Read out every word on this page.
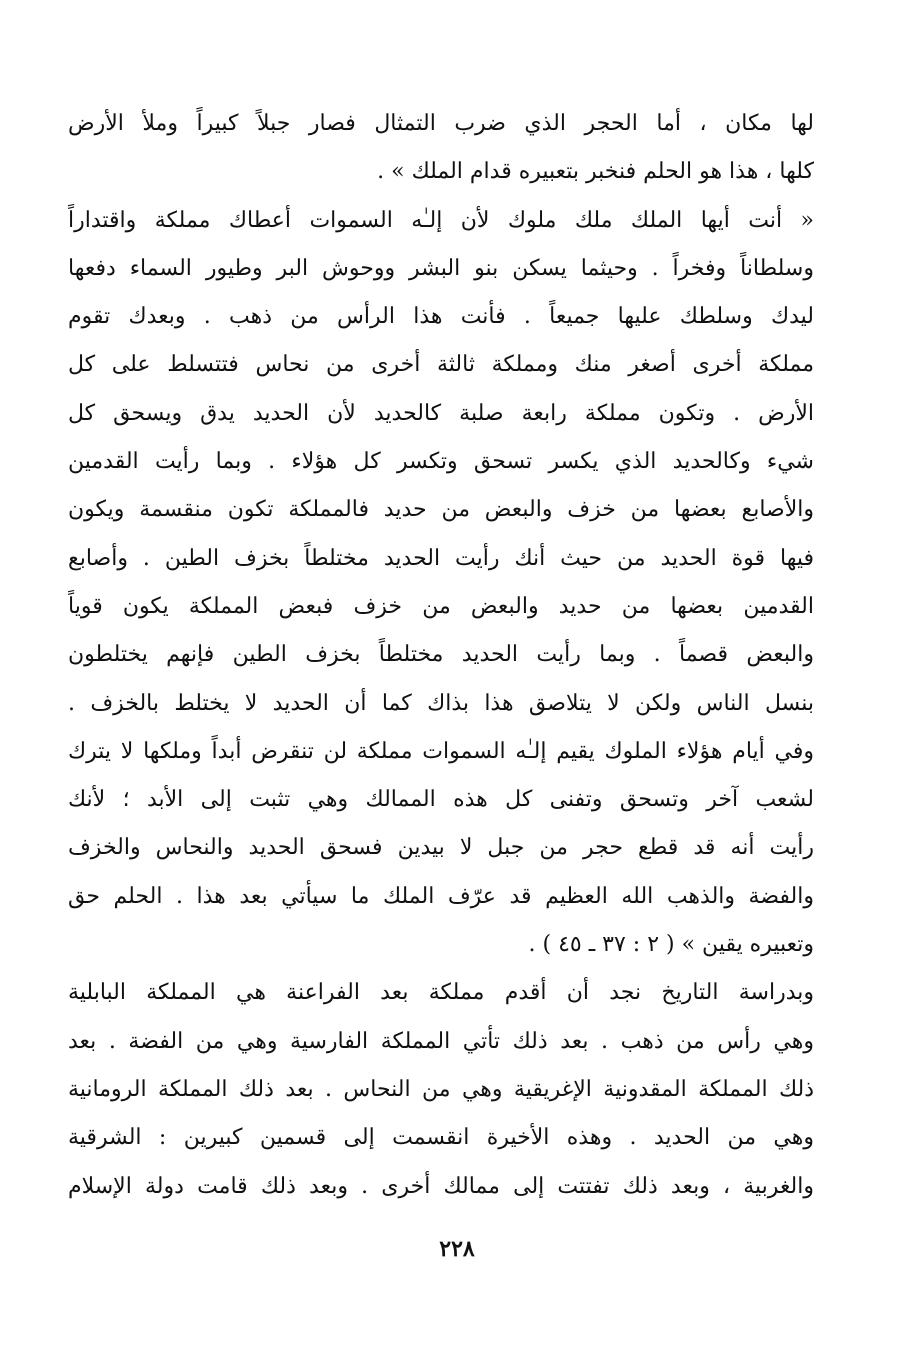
لها مكان ، أما الحجر الذي ضرب التمثال فصار جبلاً كبيراً وملأ الأرض
كلها ، هذا هو الحلم فنخبر بتعبيره قدام الملك » .
« أنت أيها الملك ملك ملوك لأن إلـٰه السموات أعطاك مملكة واقتداراً
وسلطاناً وفخراً . وحيثما يسكن بنو البشر ووحوش البر وطيور السماء دفعها
ليدك وسلطك عليها جميعاً . فأنت هذا الرأس من ذهب . وبعدك تقوم
مملكة أخرى أصغر منك ومملكة ثالثة أخرى من نحاس فتتسلط على كل
الأرض . وتكون مملكة رابعة صلبة كالحديد لأن الحديد يدق ويسحق كل
شيء وكالحديد الذي يكسر تسحق وتكسر كل هؤلاء . وبما رأيت القدمين
والأصابع بعضها من خزف والبعض من حديد فالمملكة تكون منقسمة ويكون
فيها قوة الحديد من حيث أنك رأيت الحديد مختلطاً بخزف الطين . وأصابع
القدمين بعضها من حديد والبعض من خزف فبعض المملكة يكون قوياً
والبعض قصماً . وبما رأيت الحديد مختلطاً بخزف الطين فإنهم يختلطون
بنسل الناس ولكن لا يتلاصق هذا بذاك كما أن الحديد لا يختلط بالخزف .
وفي أيام هؤلاء الملوك يقيم إلـٰه السموات مملكة لن تنقرض أبداً وملكها لا يترك
لشعب آخر وتسحق وتفنى كل هذه الممالك وهي تثبت إلى الأبد ؛ لأنك
رأيت أنه قد قطع حجر من جبل لا بيدين فسحق الحديد والنحاس والخزف
والفضة والذهب الله العظيم قد عرّف الملك ما سيأتي بعد هذا . الحلم حق
وتعبيره يقين » ( ٢ : ٣٧ ـ ٤٥ ) .
وبدراسة التاريخ نجد أن أقدم مملكة بعد الفراعنة هي المملكة البابلية
وهي رأس من ذهب . بعد ذلك تأتي المملكة الفارسية وهي من الفضة . بعد
ذلك المملكة المقدونية الإغريقية وهي من النحاس . بعد ذلك المملكة الرومانية
وهي من الحديد . وهذه الأخيرة انقسمت إلى قسمين كبيرين : الشرقية
والغربية ، وبعد ذلك تفتتت إلى ممالك أخرى . وبعد ذلك قامت دولة الإسلام
٢٢٨
